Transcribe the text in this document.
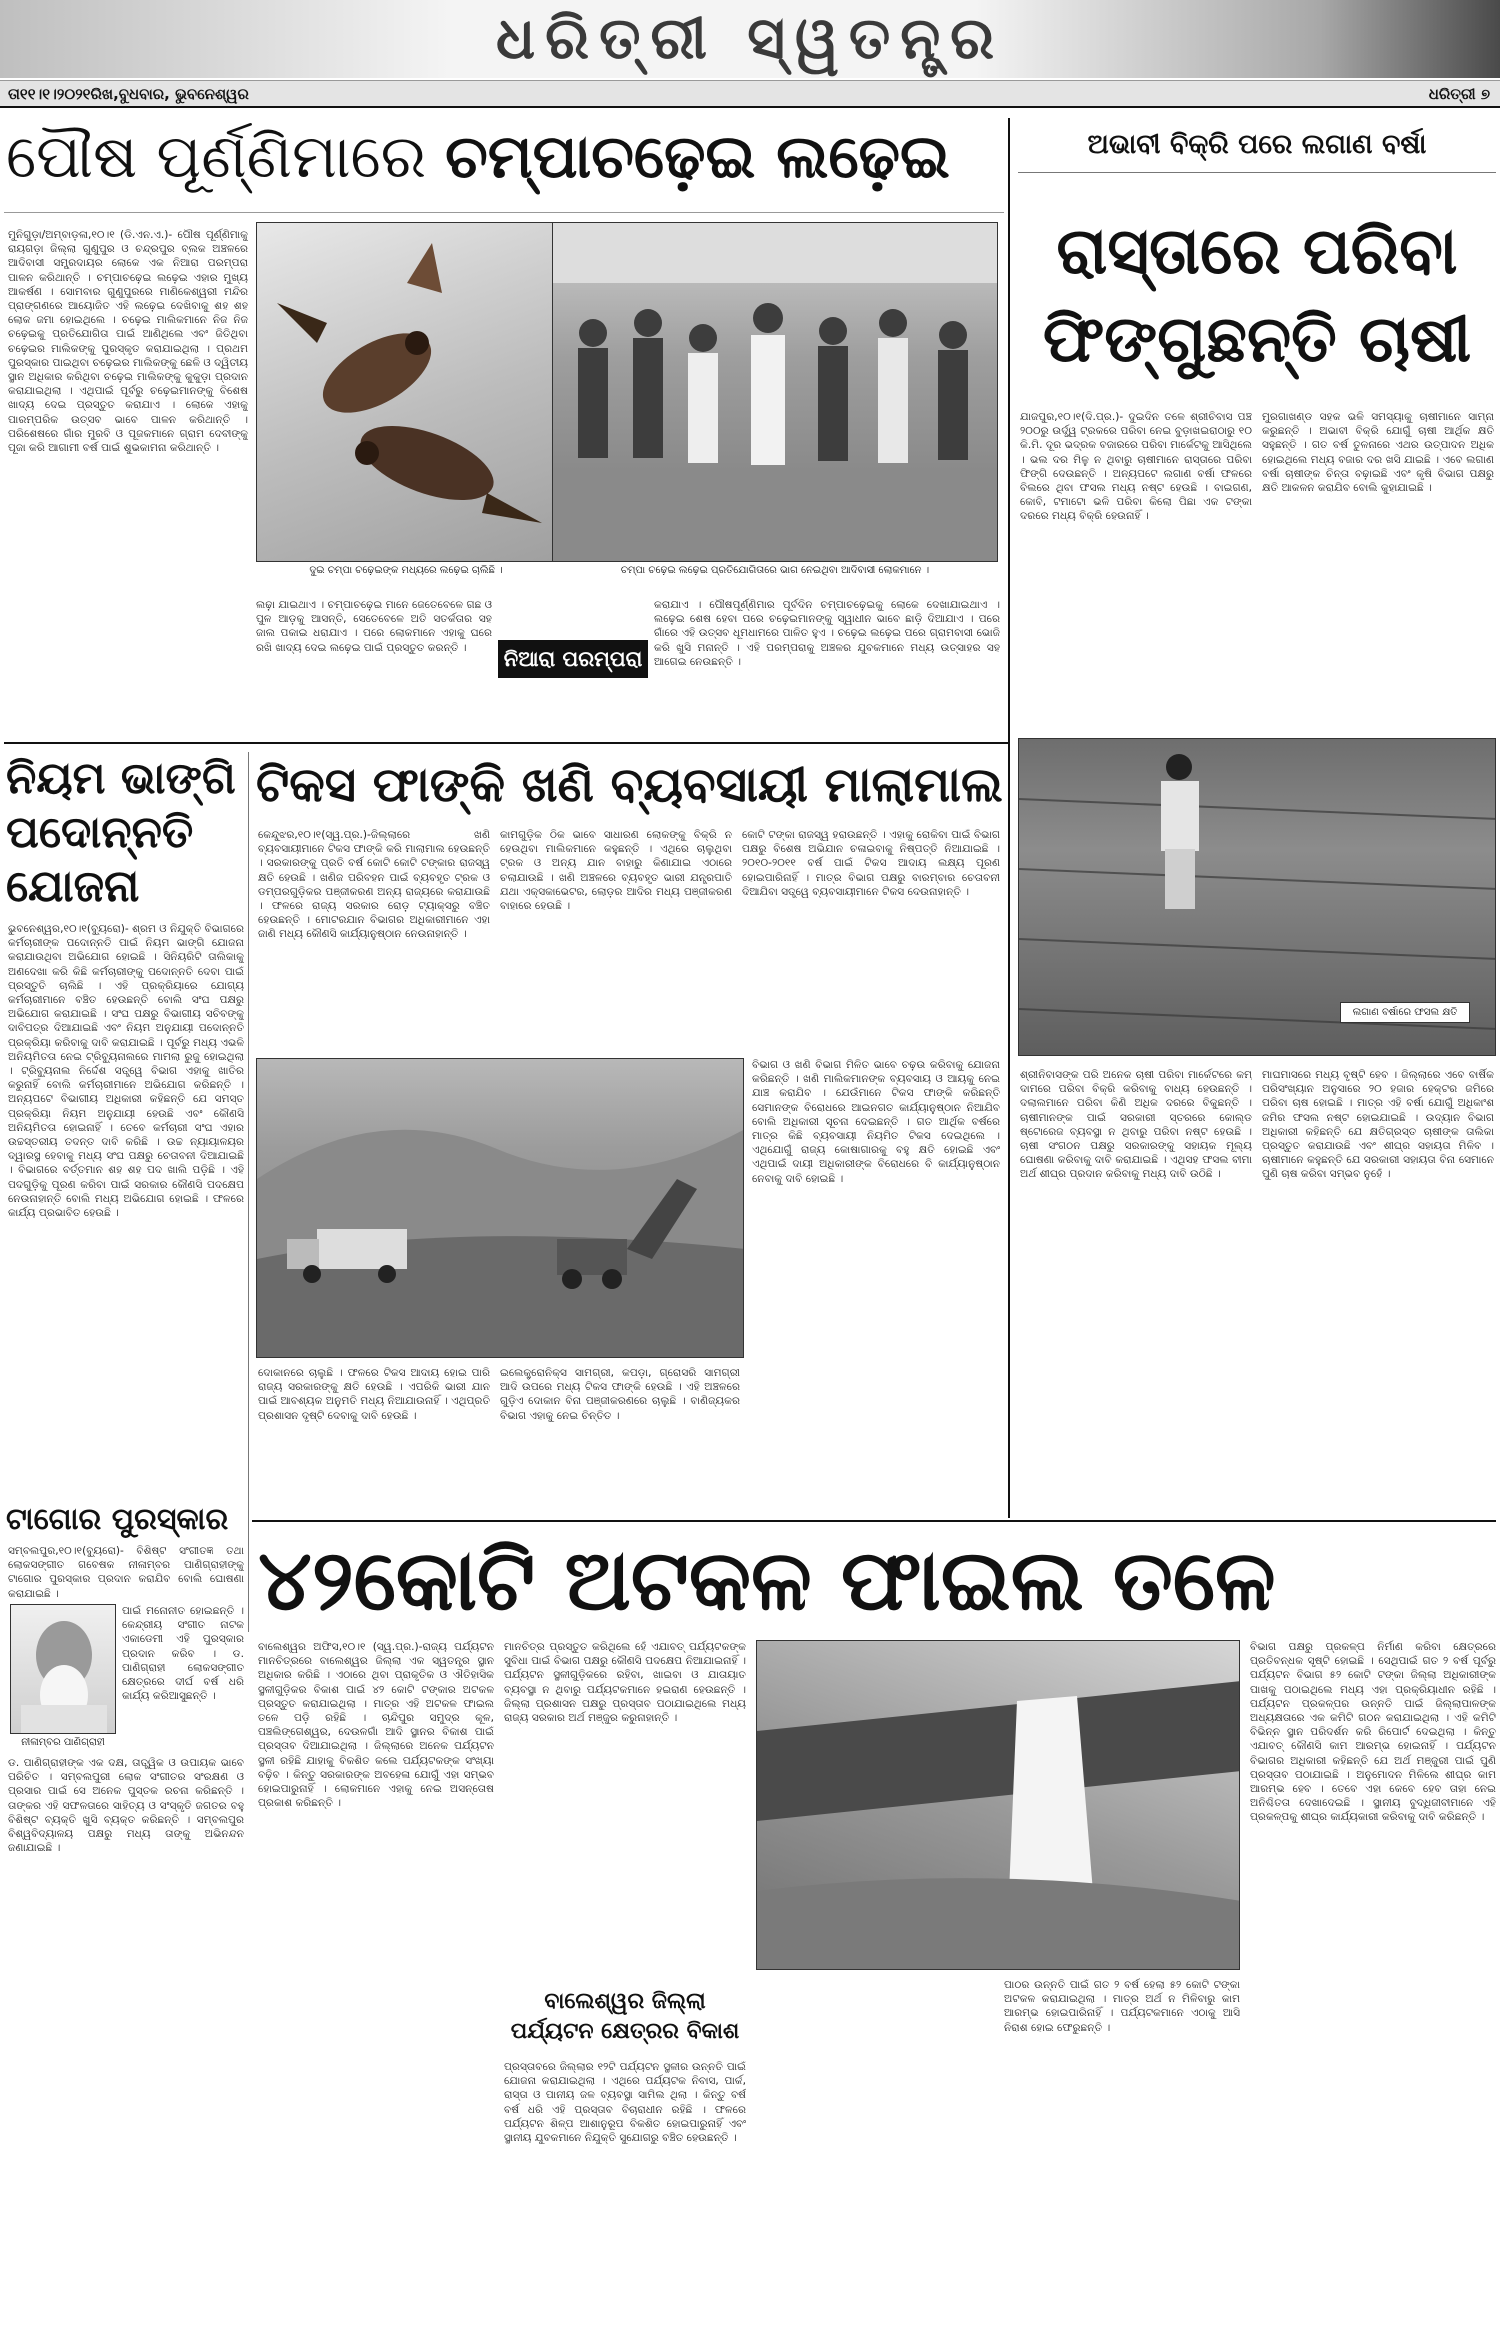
ଧରିତ୍ରୀ ସ୍ୱତନ୍ତ୍ର
ତା୧୧।୧।୨୦୨୧ରିଖ,ବୁଧବାର, ଭୁବନେଶ୍ୱର	ଧରିତ୍ରୀ ୭
ପୌଷ ପୂର୍ଣ୍ଣିମାରେ ଚମ୍ପାଚଢ଼େଇ ଲଢ଼େଇ
ମୁନିଗୁଡ଼ା/ଅମ୍ବାଡ଼ଳା,୧୦।୧ (ଡି.ଏନ.ଏ.)- ପୌଷ ପୂର୍ଣ୍ଣିମାକୁ ରାୟଗଡ଼ା ଜିଲ୍ଲା ଗୁଣୁପୁର ଓ ଚନ୍ଦ୍ରପୁର ବ୍ଲକ ଅଞ୍ଚଳରେ ଆଦିବାସୀ ସମ୍ପ୍ରଦାୟର ଲୋକେ ଏକ ନିଆରା ପରମ୍ପରା ପାଳନ କରିଥାନ୍ତି । ଚମ୍ପାଚଢ଼େଇ ଲଢ଼େଇ ଏହାର ମୁଖ୍ୟ ଆକର୍ଷଣ । ସୋମବାର ଗୁଣୁପୁରରେ ମାଣିକେଶ୍ୱରୀ ମନ୍ଦିର ପ୍ରାଙ୍ଗଣରେ ଆୟୋଜିତ ଏହି ଲଢ଼େଇ ଦେଖିବାକୁ ଶହ ଶହ ଲୋକ ଜମା ହୋଇଥିଲେ । ଚଢ଼େଇ ମାଲିକମାନେ ନିଜ ନିଜ ଚଢ଼େଇକୁ ପ୍ରତିଯୋଗିତା ପାଇଁ ଆଣିଥିଲେ ଏବଂ ଜିତିଥିବା ଚଢ଼େଇର ମାଲିକଙ୍କୁ ପୁରସ୍କୃତ କରାଯାଇଥିଲା । ପ୍ରଥମ ପୁରସ୍କାର ପାଇଥିବା ଚଢ଼େଇର ମାଲିକଙ୍କୁ ଛେଳି ଓ ଦ୍ୱିତୀୟ ସ୍ଥାନ ଅଧିକାର କରିଥିବା ଚଢ଼େଇ ମାଲିକଙ୍କୁ କୁକୁଡ଼ା ପ୍ରଦାନ କରାଯାଇଥିଲା । ଏଥିପାଇଁ ପୂର୍ବରୁ ଚଢ଼େଇମାନଙ୍କୁ ବିଶେଷ ଖାଦ୍ୟ ଦେଇ ପ୍ରସ୍ତୁତ କରାଯାଏ । ଲୋକେ ଏହାକୁ ପାରମ୍ପରିକ ଉତ୍ସବ ଭାବେ ପାଳନ କରିଥାନ୍ତି । ପରିଶେଷରେ ଗାଁର ମୁରବି ଓ ପୂଜକମାନେ ଗ୍ରାମ ଦେବୀଙ୍କୁ ପୂଜା କରି ଆଗାମୀ ବର୍ଷ ପାଇଁ ଶୁଭକାମନା କରିଥାନ୍ତି ।
ଦୁଇ ଚମ୍ପା ଚଢ଼େଇଙ୍କ ମଧ୍ୟରେ ଲଢ଼େଇ ଚାଲିଛି ।	ଚମ୍ପା ଚଢ଼େଇ ଲଢ଼େଇ ପ୍ରତିଯୋଗିତାରେ ଭାଗ ନେଇଥିବା ଆଦିବାସୀ ଲୋକମାନେ ।
ଲଢ଼ା ଯାଇଥାଏ । ଚମ୍ପାଚଢ଼େଇ ମାନେ ଜେତେବେଳେ ଗଛ ଓ ପୁଳ ଆଡ଼କୁ ଆସନ୍ତି, ସେତେବେଳେ ଅତି ସତର୍କତାର ସହ ଜାଲ ପକାଇ ଧରାଯାଏ । ପରେ ଲୋକମାନେ ଏହାକୁ ଘରେ ରଖି ଖାଦ୍ୟ ଦେଇ ଲଢ଼େଇ ପାଇଁ ପ୍ରସ୍ତୁତ କରନ୍ତି ।	ନିଆରା ପରମ୍ପରା
କରାଯାଏ । ପୌଷପୂର୍ଣ୍ଣିମାର ପୂର୍ବଦିନ ଚମ୍ପାଚଢ଼େଇକୁ ଲୋକେ ଦେଖାଯାଇଥାଏ । ଲଢ଼େଇ ଶେଷ ହେବା ପରେ ଚଢ଼େଇମାନଙ୍କୁ ସ୍ୱାଧୀନ ଭାବେ ଛାଡ଼ି ଦିଆଯାଏ । ପରେ ଗାଁରେ ଏହି ଉତ୍ସବ ଧୂମଧାମରେ ପାଳିତ ହୁଏ । ଚଢ଼େଇ ଲଢ଼େଇ ପରେ ଗ୍ରାମବାସୀ ଭୋଜି କରି ଖୁସି ମନାନ୍ତି । ଏହି ପରମ୍ପରାକୁ ଅଞ୍ଚଳର ଯୁବକମାନେ ମଧ୍ୟ ଉତ୍ସାହର ସହ ଆଗେଇ ନେଉଛନ୍ତି ।
ଅଭାବୀ ବିକ୍ରି ପରେ ଲଗାଣ ବର୍ଷା
ରାସ୍ତାରେ ପରିବା
ଫିଙ୍ଗୁଛନ୍ତି ଚାଷୀ
ଯାଜପୁର,୧୦।୧(ଦି.ପ୍ର.)- ଦୁଇଦିନ ତଳେ ଶ୍ରୀଚିବାସ ପଞ୍ଚ ୨୦୦ରୁ ଉର୍ଦ୍ଧ୍ୱ ଟ୍ରକରେ ପରିବା ନେଇ ବୁଡ଼ାଖଇରାଠାରୁ ୧୦ କି.ମି. ଦୂର ଭଦ୍ରକ ବଜାରରେ ପରିବା ମାର୍କେଟକୁ ଆସିଥିଲେ । ଭଲ ଦର ମିଳୁ ନ ଥିବାରୁ ଚାଷୀମାନେ ରାସ୍ତାରେ ପରିବା ଫିଙ୍ଗି ଦେଉଛନ୍ତି । ଅନ୍ୟପଟେ ଲଗାଣ ବର୍ଷା ଫଳରେ ବିଲରେ ଥିବା ଫସଲ ମଧ୍ୟ ନଷ୍ଟ ହେଉଛି । ବାଇଗଣ, କୋବି, ଟମାଟୋ ଭଳି ପରିବା କିଲୋ ପିଛା ଏକ ଟଙ୍କା ଦରରେ ମଧ୍ୟ ବିକ୍ରି ହେଉନାହିଁ ।
ମୁରଗାଖଣ୍ଡ ସହକ ଭଳି ସମସ୍ୟାକୁ ଚାଷୀମାନେ ସାମ୍ନା କରୁଛନ୍ତି । ଅଭାବୀ ବିକ୍ରି ଯୋଗୁଁ ଚାଷୀ ଆର୍ଥିକ କ୍ଷତି ସହୁଛନ୍ତି । ଗତ ବର୍ଷ ତୁଳନାରେ ଏଥର ଉତ୍ପାଦନ ଅଧିକ ହୋଇଥିଲେ ମଧ୍ୟ ବଜାର ଦର ଖସି ଯାଇଛି । ଏବେ ଲଗାଣ ବର୍ଷା ଚାଷୀଙ୍କ ଚିନ୍ତା ବଢ଼ାଇଛି ଏବଂ କୃଷି ବିଭାଗ ପକ୍ଷରୁ କ୍ଷତି ଆକଳନ କରାଯିବ ବୋଲି କୁହାଯାଇଛି ।
ଲଗାଣ ବର୍ଷାରେ ଫସଲ କ୍ଷତି
ଶ୍ରୀନିବାସଙ୍କ ପରି ଅନେକ ଚାଷୀ ପରିବା ମାର୍କେଟରେ କମ୍ ଦାମରେ ପରିବା ବିକ୍ରି କରିବାକୁ ବାଧ୍ୟ ହେଉଛନ୍ତି । ଦଲାଲମାନେ ପରିବା କିଣି ଅଧିକ ଦରରେ ବିକୁଛନ୍ତି । ଚାଷୀମାନଙ୍କ ପାଇଁ ସରକାରୀ ସ୍ତରରେ କୋଲ୍ଡ ଷ୍ଟୋରେଜ ବ୍ୟବସ୍ଥା ନ ଥିବାରୁ ପରିବା ନଷ୍ଟ ହେଉଛି । ଚାଷୀ ସଂଗଠନ ପକ୍ଷରୁ ସରକାରଙ୍କୁ ସହାୟକ ମୂଲ୍ୟ ଘୋଷଣା କରିବାକୁ ଦାବି କରାଯାଇଛି । ଏଥିସହ ଫସଲ ବୀମା ଅର୍ଥ ଶୀଘ୍ର ପ୍ରଦାନ କରିବାକୁ ମଧ୍ୟ ଦାବି ଉଠିଛି ।
ମାଘମାସରେ ମଧ୍ୟ ବୃଷ୍ଟି ହେବ । ଜିଲ୍ଲାରେ ଏବେ ବାର୍ଷିକ ପରିସଂଖ୍ୟାନ ଅନୁସାରେ ୨୦ ହଜାର ହେକ୍ଟର ଜମିରେ ପରିବା ଚାଷ ହୋଇଛି । ମାତ୍ର ଏହି ବର୍ଷା ଯୋଗୁଁ ଅଧିକାଂଶ ଜମିର ଫସଲ ନଷ୍ଟ ହୋଇଯାଇଛି । ଉଦ୍ୟାନ ବିଭାଗ ଅଧିକାରୀ କହିଛନ୍ତି ଯେ କ୍ଷତିଗ୍ରସ୍ତ ଚାଷୀଙ୍କ ତାଲିକା ପ୍ରସ୍ତୁତ କରାଯାଉଛି ଏବଂ ଶୀଘ୍ର ସହାୟତା ମିଳିବ । ଚାଷୀମାନେ କହୁଛନ୍ତି ଯେ ସରକାରୀ ସହାୟତା ବିନା ସେମାନେ ପୁଣି ଚାଷ କରିବା ସମ୍ଭବ ନୁହେଁ ।
ନିୟମ ଭାଙ୍ଗି
ପଦୋନ୍ନତି
ଯୋଜନା
ଭୁବନେଶ୍ୱର,୧୦।୧(ବ୍ୟୁରୋ)- ଶ୍ରମ ଓ ନିଯୁକ୍ତି ବିଭାଗରେ କର୍ମଚାରୀଙ୍କ ପଦୋନ୍ନତି ପାଇଁ ନିୟମ ଭାଙ୍ଗି ଯୋଜନା କରାଯାଉଥିବା ଅଭିଯୋଗ ହୋଇଛି । ସିନିୟରିଟି ତାଲିକାକୁ ଅଣଦେଖା କରି କିଛି କର୍ମଚାରୀଙ୍କୁ ପଦୋନ୍ନତି ଦେବା ପାଇଁ ପ୍ରସ୍ତୁତି ଚାଲିଛି । ଏହି ପ୍ରକ୍ରିୟାରେ ଯୋଗ୍ୟ କର୍ମଚାରୀମାନେ ବଞ୍ଚିତ ହେଉଛନ୍ତି ବୋଲି ସଂଘ ପକ୍ଷରୁ ଅଭିଯୋଗ କରାଯାଇଛି । ସଂଘ ପକ୍ଷରୁ ବିଭାଗୀୟ ସଚିବଙ୍କୁ ଦାବିପତ୍ର ଦିଆଯାଇଛି ଏବଂ ନିୟମ ଅନୁଯାୟୀ ପଦୋନ୍ନତି ପ୍ରକ୍ରିୟା କରିବାକୁ ଦାବି କରାଯାଇଛି । ପୂର୍ବରୁ ମଧ୍ୟ ଏଭଳି ଅନିୟମିତତା ନେଇ ଟ୍ରିବ୍ୟୁନାଲରେ ମାମଲା ରୁଜୁ ହୋଇଥିଲା । ଟ୍ରିବ୍ୟୁନାଲ ନିର୍ଦ୍ଦେଶ ସତ୍ତ୍ୱେ ବିଭାଗ ଏହାକୁ ଖାତିର କରୁନାହିଁ ବୋଲି କର୍ମଚାରୀମାନେ ଅଭିଯୋଗ କରିଛନ୍ତି । ଅନ୍ୟପଟେ ବିଭାଗୀୟ ଅଧିକାରୀ କହିଛନ୍ତି ଯେ ସମସ୍ତ ପ୍ରକ୍ରିୟା ନିୟମ ଅନୁଯାୟୀ ହେଉଛି ଏବଂ କୌଣସି ଅନିୟମିତତା ହୋଇନାହିଁ । ତେବେ କର୍ମଚାରୀ ସଂଘ ଏହାର ଉଚ୍ଚସ୍ତରୀୟ ତଦନ୍ତ ଦାବି କରିଛି । ଉଚ୍ଚ ନ୍ୟାୟାଳୟର ଦ୍ୱାରସ୍ଥ ହେବାକୁ ମଧ୍ୟ ସଂଘ ପକ୍ଷରୁ ଚେତାବନୀ ଦିଆଯାଇଛି । ବିଭାଗରେ ବର୍ତ୍ତମାନ ଶହ ଶହ ପଦ ଖାଲି ପଡ଼ିଛି । ଏହି ପଦଗୁଡ଼ିକୁ ପୂରଣ କରିବା ପାଇଁ ସରକାର କୌଣସି ପଦକ୍ଷେପ ନେଉନାହାନ୍ତି ବୋଲି ମଧ୍ୟ ଅଭିଯୋଗ ହୋଇଛି । ଫଳରେ କାର୍ଯ୍ୟ ପ୍ରଭାବିତ ହେଉଛି ।
ଟାଗୋର ପୁରସ୍କାର
ସମ୍ବଲପୁର,୧୦।୧(ବ୍ୟୁରୋ)- ବିଶିଷ୍ଟ ସଂଗୀତଜ୍ଞ ତଥା ଲୋକସଙ୍ଗୀତ ଗବେଷକ ନୀଳାମ୍ବର ପାଣିଗ୍ରାହୀଙ୍କୁ ଟାଗୋର ପୁରସ୍କାର ପ୍ରଦାନ କରାଯିବ ବୋଲି ଘୋଷଣା କରାଯାଇଛି ।
ନୀଳାମ୍ବର ପାଣିଗ୍ରାହୀ
ପାଇଁ ମନୋନୀତ ହୋଇଛନ୍ତି । କେନ୍ଦ୍ରୀୟ ସଂଗୀତ ନାଟକ ଏକାଡେମୀ ଏହି ପୁରସ୍କାର ପ୍ରଦାନ କରିବ । ଡ. ପାଣିଗ୍ରାହୀ ଲୋକସଙ୍ଗୀତ କ୍ଷେତ୍ରରେ ଦୀର୍ଘ ବର୍ଷ ଧରି କାର୍ଯ୍ୟ କରିଆସୁଛନ୍ତି ।
ଡ. ପାଣିଗ୍ରାହୀଙ୍କ ଏକ ଦକ୍ଷ, ତାତ୍ତ୍ୱିକ ଓ ଉପାୟକ ଭାବେ ପରିଚିତ । ସମ୍ବଲପୁରୀ ଲୋକ ସଂଗୀତର ସଂରକ୍ଷଣ ଓ ପ୍ରସାର ପାଇଁ ସେ ଅନେକ ପୁସ୍ତକ ରଚନା କରିଛନ୍ତି । ତାଙ୍କର ଏହି ସଫଳତାରେ ସାହିତ୍ୟ ଓ ସଂସ୍କୃତି ଜଗତର ବହୁ ବିଶିଷ୍ଟ ବ୍ୟକ୍ତି ଖୁସି ବ୍ୟକ୍ତ କରିଛନ୍ତି । ସମ୍ବଲପୁର ବିଶ୍ୱବିଦ୍ୟାଳୟ ପକ୍ଷରୁ ମଧ୍ୟ ତାଙ୍କୁ ଅଭିନନ୍ଦନ ଜଣାଯାଇଛି ।
ଟିକସ ଫାଙ୍କି ଖଣି ବ୍ୟବସାୟୀ ମାଲାମାଲ
କେନ୍ଦୁଝର,୧୦।୧(ସ୍ୱ.ପ୍ର.)-ଜିଲ୍ଲାରେ ଖଣି ବ୍ୟବସାୟୀମାନେ ଟିକସ ଫାଙ୍କି କରି ମାଲାମାଲ ହେଉଛନ୍ତି । ସରକାରଙ୍କୁ ପ୍ରତି ବର୍ଷ କୋଟି କୋଟି ଟଙ୍କାର ରାଜସ୍ୱ କ୍ଷତି ହେଉଛି । ଖଣିଜ ପରିବହନ ପାଇଁ ବ୍ୟବହୃତ ଟ୍ରକ ଓ ଡମ୍ପରଗୁଡ଼ିକର ପଞ୍ଜୀକରଣ ଅନ୍ୟ ରାଜ୍ୟରେ କରାଯାଉଛି । ଫଳରେ ରାଜ୍ୟ ସରକାର ରୋଡ଼ ଟ୍ୟାକ୍ସରୁ ବଞ୍ଚିତ ହେଉଛନ୍ତି । ମୋଟରଯାନ ବିଭାଗର ଅଧିକାରୀମାନେ ଏହା ଜାଣି ମଧ୍ୟ କୌଣସି କାର୍ଯ୍ୟାନୁଷ୍ଠାନ ନେଉନାହାନ୍ତି ।
କାମଗୁଡ଼ିକ ଠିକ ଭାବେ ସାଧାରଣ ଲୋକଙ୍କୁ ବିକ୍ରି ନ ହେଉଥିବା ମାଲିକମାନେ କହୁଛନ୍ତି । ଏଥିରେ ଚାଲୁଥିବା ଟ୍ରକ ଓ ଅନ୍ୟ ଯାନ ବାହାରୁ କିଣାଯାଇ ଏଠାରେ ଚଲାଯାଉଛି । ଖଣି ଅଞ୍ଚଳରେ ବ୍ୟବହୃତ ଭାରୀ ଯନ୍ତ୍ରପାତି ଯଥା ଏକ୍ସକାଭେଟର, ଲୋଡ଼ର ଆଦିର ମଧ୍ୟ ପଞ୍ଜୀକରଣ ବାହାରେ ହେଉଛି ।
କୋଟି ଟଙ୍କା ରାଜସ୍ୱ ହରାଉଛନ୍ତି । ଏହାକୁ ରୋକିବା ପାଇଁ ବିଭାଗ ପକ୍ଷରୁ ବିଶେଷ ଅଭିଯାନ ଚଳାଇବାକୁ ନିଷ୍ପତ୍ତି ନିଆଯାଇଛି । ୨୦୧୦-୨୦୧୧ ବର୍ଷ ପାଇଁ ଟିକସ ଆଦାୟ ଲକ୍ଷ୍ୟ ପୂରଣ ହୋଇପାରିନାହିଁ । ମାତ୍ର ବିଭାଗ ପକ୍ଷରୁ ବାରମ୍ବାର ଚେତାବନୀ ଦିଆଯିବା ସତ୍ତ୍ୱେ ବ୍ୟବସାୟୀମାନେ ଟିକସ ଦେଉନାହାନ୍ତି ।
ଦୋକାନରେ ଚାଲୁଛି । ଫଳରେ ଟିକସ ଆଦାୟ ହୋଇ ପାରି ରାଜ୍ୟ ସରକାରଙ୍କୁ କ୍ଷତି ହେଉଛି । ଏପରିକି ଭାରୀ ଯାନ ପାଇଁ ଆବଶ୍ୟକ ଅନୁମତି ମଧ୍ୟ ନିଆଯାଉନାହିଁ । ଏଥିପ୍ରତି ପ୍ରଶାସନ ଦୃଷ୍ଟି ଦେବାକୁ ଦାବି ହେଉଛି ।
ଇଲେକ୍ଟ୍ରୋନିକ୍ସ ସାମଗ୍ରୀ, କପଡ଼ା, ଗ୍ରୋସରି ସାମଗ୍ରୀ ଆଦି ଉପରେ ମଧ୍ୟ ଟିକସ ଫାଙ୍କି ହେଉଛି । ଏହି ଅଞ୍ଚଳରେ ଗୁଡ଼ିଏ ଦୋକାନ ବିନା ପଞ୍ଜୀକରଣରେ ଚାଲୁଛି । ବାଣିଜ୍ୟକର ବିଭାଗ ଏହାକୁ ନେଇ ଚିନ୍ତିତ ।
ବିଭାଗ ଓ ଖଣି ବିଭାଗ ମିଳିତ ଭାବେ ଚଢ଼ଉ କରିବାକୁ ଯୋଜନା କରିଛନ୍ତି । ଖଣି ମାଲିକମାନଙ୍କ ବ୍ୟବସାୟ ଓ ଆୟକୁ ନେଇ ଯାଞ୍ଚ କରାଯିବ । ଯେଉଁମାନେ ଟିକସ ଫାଙ୍କି କରିଛନ୍ତି ସେମାନଙ୍କ ବିରୋଧରେ ଆଇନଗତ କାର୍ଯ୍ୟାନୁଷ୍ଠାନ ନିଆଯିବ ବୋଲି ଅଧିକାରୀ ସୂଚନା ଦେଇଛନ୍ତି । ଗତ ଆର୍ଥିକ ବର୍ଷରେ ମାତ୍ର କିଛି ବ୍ୟବସାୟୀ ନିୟମିତ ଟିକସ ଦେଇଥିଲେ । ଏଥିଯୋଗୁଁ ରାଜ୍ୟ କୋଷାଗାରକୁ ବହୁ କ୍ଷତି ହୋଇଛି ଏବଂ ଏଥିପାଇଁ ଦାୟୀ ଅଧିକାରୀଙ୍କ ବିରୋଧରେ ବି କାର୍ଯ୍ୟାନୁଷ୍ଠାନ ନେବାକୁ ଦାବି ହୋଇଛି ।
୪୨କୋଟି ଅଟକଳ ଫାଇଲ ତଳେ
ବାଲେଶ୍ୱର ଅଫିସ,୧୦।୧ (ସ୍ୱ.ପ୍ର.)-ରାଜ୍ୟ ପର୍ଯ୍ୟଟନ ମାନଚିତ୍ରରେ ବାଲେଶ୍ୱର ଜିଲ୍ଲା ଏକ ସ୍ୱତନ୍ତ୍ର ସ୍ଥାନ ଅଧିକାର କରିଛି । ଏଠାରେ ଥିବା ପ୍ରାକୃତିକ ଓ ଐତିହାସିକ ସ୍ଥଳୀଗୁଡ଼ିକର ବିକାଶ ପାଇଁ ୪୨ କୋଟି ଟଙ୍କାର ଅଟକଳ ପ୍ରସ୍ତୁତ କରାଯାଇଥିଲା । ମାତ୍ର ଏହି ଅଟକଳ ଫାଇଲ ତଳେ ପଡ଼ି ରହିଛି । ଚାନ୍ଦିପୁର ସମୁଦ୍ର କୂଳ, ପଞ୍ଚଲିଙ୍ଗେଶ୍ୱର, ଦେଉଳଗାଁ ଆଦି ସ୍ଥାନର ବିକାଶ ପାଇଁ ପ୍ରସ୍ତାବ ଦିଆଯାଇଥିଲା । ଜିଲ୍ଲାରେ ଅନେକ ପର୍ଯ୍ୟଟନ ସ୍ଥଳୀ ରହିଛି ଯାହାକୁ ବିକଶିତ କଲେ ପର୍ଯ୍ୟଟକଙ୍କ ସଂଖ୍ୟା ବଢ଼ିବ । କିନ୍ତୁ ସରକାରଙ୍କ ଅବହେଳା ଯୋଗୁଁ ଏହା ସମ୍ଭବ ହୋଇପାରୁନାହିଁ । ଲୋକମାନେ ଏହାକୁ ନେଇ ଅସନ୍ତୋଷ ପ୍ରକାଶ କରିଛନ୍ତି ।
ମାନଚିତ୍ର ପ୍ରସ୍ତୁତ କରିଥିଲେ ହେଁ ଏଯାବତ୍ ପର୍ଯ୍ୟଟକଙ୍କ ସୁବିଧା ପାଇଁ ବିଭାଗ ପକ୍ଷରୁ କୌଣସି ପଦକ୍ଷେପ ନିଆଯାଇନାହିଁ । ପର୍ଯ୍ୟଟନ ସ୍ଥଳୀଗୁଡ଼ିକରେ ରହିବା, ଖାଇବା ଓ ଯାତାୟାତ ବ୍ୟବସ୍ଥା ନ ଥିବାରୁ ପର୍ଯ୍ୟଟକମାନେ ହଇରାଣ ହେଉଛନ୍ତି । ଜିଲ୍ଲା ପ୍ରଶାସନ ପକ୍ଷରୁ ପ୍ରସ୍ତାବ ପଠାଯାଇଥିଲେ ମଧ୍ୟ ରାଜ୍ୟ ସରକାର ଅର୍ଥ ମଞ୍ଜୁର କରୁନାହାନ୍ତି ।
ବାଲେଶ୍ୱର ଜିଲ୍ଲା
ପର୍ଯ୍ୟଟନ କ୍ଷେତ୍ରର ବିକାଶ
ପ୍ରସ୍ତାବରେ ଜିଲ୍ଲାର ୧୨ଟି ପର୍ଯ୍ୟଟନ ସ୍ଥଳୀର ଉନ୍ନତି ପାଇଁ ଯୋଜନା କରାଯାଇଥିଲା । ଏଥିରେ ପର୍ଯ୍ୟଟକ ନିବାସ, ପାର୍କ, ରାସ୍ତା ଓ ପାନୀୟ ଜଳ ବ୍ୟବସ୍ଥା ସାମିଲ ଥିଲା । କିନ୍ତୁ ବର୍ଷ ବର୍ଷ ଧରି ଏହି ପ୍ରସ୍ତାବ ବିଚାରାଧୀନ ରହିଛି । ଫଳରେ ପର୍ଯ୍ୟଟନ ଶିଳ୍ପ ଆଶାନୁରୂପ ବିକଶିତ ହୋଇପାରୁନାହିଁ ଏବଂ ସ୍ଥାନୀୟ ଯୁବକମାନେ ନିଯୁକ୍ତି ସୁଯୋଗରୁ ବଞ୍ଚିତ ହେଉଛନ୍ତି ।
ପାଠର ଉନ୍ନତି ପାଇଁ ଗତ ୨ ବର୍ଷ ହେଲା ୫୨ କୋଟି ଟଙ୍କା ଅଟକଳ କରାଯାଇଥିଲା । ମାତ୍ର ଅର୍ଥ ନ ମିଳିବାରୁ କାମ ଆରମ୍ଭ ହୋଇପାରିନାହିଁ । ପର୍ଯ୍ୟଟକମାନେ ଏଠାକୁ ଆସି ନିରାଶ ହୋଇ ଫେରୁଛନ୍ତି ।
ବିଭାଗ ପକ୍ଷରୁ ପ୍ରକଳ୍ପ ନିର୍ମାଣ କରିବା କ୍ଷେତ୍ରରେ ପ୍ରତିବନ୍ଧକ ସୃଷ୍ଟି ହୋଇଛି । ସେଥିପାଇଁ ଗତ ୨ ବର୍ଷ ପୂର୍ବରୁ ପର୍ଯ୍ୟଟନ ବିଭାଗ ୫୨ କୋଟି ଟଙ୍କା ଜିଲ୍ଲା ଅଧିକାରୀଙ୍କ ପାଖକୁ ପଠାଇଥିଲେ ମଧ୍ୟ ଏହା ପ୍ରକ୍ରିୟାଧୀନ ରହିଛି । ପର୍ଯ୍ୟଟନ ପ୍ରକଳ୍ପର ଉନ୍ନତି ପାଇଁ ଜିଲ୍ଲାପାଳଙ୍କ ଅଧ୍ୟକ୍ଷତାରେ ଏକ କମିଟି ଗଠନ କରାଯାଇଥିଲା । ଏହି କମିଟି ବିଭିନ୍ନ ସ୍ଥାନ ପରିଦର୍ଶନ କରି ରିପୋର୍ଟ ଦେଇଥିଲା । କିନ୍ତୁ ଏଯାବତ୍ କୌଣସି କାମ ଆରମ୍ଭ ହୋଇନାହିଁ । ପର୍ଯ୍ୟଟନ ବିଭାଗର ଅଧିକାରୀ କହିଛନ୍ତି ଯେ ଅର୍ଥ ମଞ୍ଜୁରୀ ପାଇଁ ପୁଣି ପ୍ରସ୍ତାବ ପଠାଯାଇଛି । ଅନୁମୋଦନ ମିଳିଲେ ଶୀଘ୍ର କାମ ଆରମ୍ଭ ହେବ । ତେବେ ଏହା କେବେ ହେବ ତାହା ନେଇ ଅନିଶ୍ଚିତତା ଦେଖାଦେଇଛି । ସ୍ଥାନୀୟ ବୁଦ୍ଧିଜୀବୀମାନେ ଏହି ପ୍ରକଳ୍ପକୁ ଶୀଘ୍ର କାର୍ଯ୍ୟକାରୀ କରିବାକୁ ଦାବି କରିଛନ୍ତି ।
